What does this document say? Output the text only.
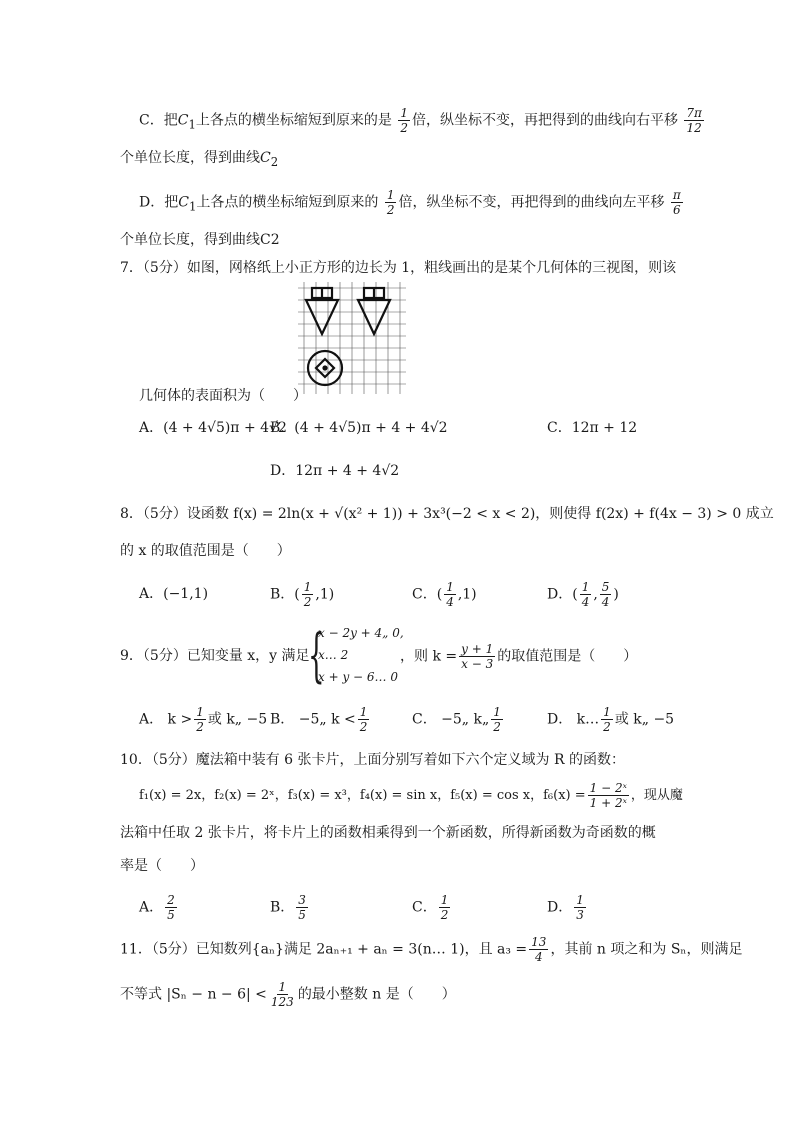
C．把$C_1$上各点的横坐标缩短到原来的是 $\frac{1}{2}$ 倍，纵坐标不变，再把得到的曲线向右平移 $\frac{7\pi}{12}$
个单位长度，得到曲线$C_2$
D．把$C_1$上各点的横坐标缩短到原来的 $\frac{1}{2}$ 倍，纵坐标不变，再把得到的曲线向左平移 $\frac{\pi}{6}$
个单位长度，得到曲线C2
7．（5分）如图，网格纸上小正方形的边长为 1，粗线画出的是某个几何体的三视图，则该
几何体的表面积为（　　）
A．(4 + 4√5)π + 4√2
B．(4 + 4√5)π + 4 + 4√2	C．12π + 12
D．12π + 4 + 4√2
8．（5分）设函数 f(x) = 2ln(x + √(x² + 1)) + 3x³(−2 < x < 2)，则使得 f(2x) + f(4x − 3) > 0 成立
的 x 的取值范围是（　　）
A．(−1,1)	B．( $\frac{1}{2} ,1$)	C．( $\frac{1}{4} ,1$)	D．( $\frac{1}{4}$ , $\frac{5}{4}$ )
9．（5分）已知变量 x，y 满足
{
x − 2y + 4„ 0,
x… 2
x + y − 6… 0
，则 $k = \frac{y + 1}{x - 3}$ 的取值范围是（　　）
A． $k > \frac{1}{2}$ 或 k„ −5 B． −5„ $k < \frac{1}{2}$	C． −5„ k„ $\frac{1}{2}$	D． k… $\frac{1}{2}$ 或 k„ −5
10．（5分）魔法箱中装有 6 张卡片，上面分别写着如下六个定义域为 R 的函数：
f₁(x) = 2x，f₂(x) = 2ˣ，f₃(x) = x³，f₄(x) = sin x，f₅(x) = cos x，$f_6(x) = \frac{\text{1 − 2ˣ}}{\text{1 + 2ˣ}}$ ，现从魔
法箱中任取 2 张卡片，将卡片上的函数相乘得到一个新函数，所得新函数为奇函数的概
率是（　　）
A． $\frac{2}{5}$	B． $\frac{3}{5}$	C． $\frac{1}{2}$	D． $\frac{1}{3}$
11．（5分）已知数列{aₙ}满足 2aₙ₊₁ + aₙ = 3(n… 1)，且 $a_3 = \frac{13}{4}$ ，其前 n 项之和为 Sₙ，则满足
不等式 $|S_n - n - 6| < \frac{1}{123}$ 的最小整数 n 是（　　）
